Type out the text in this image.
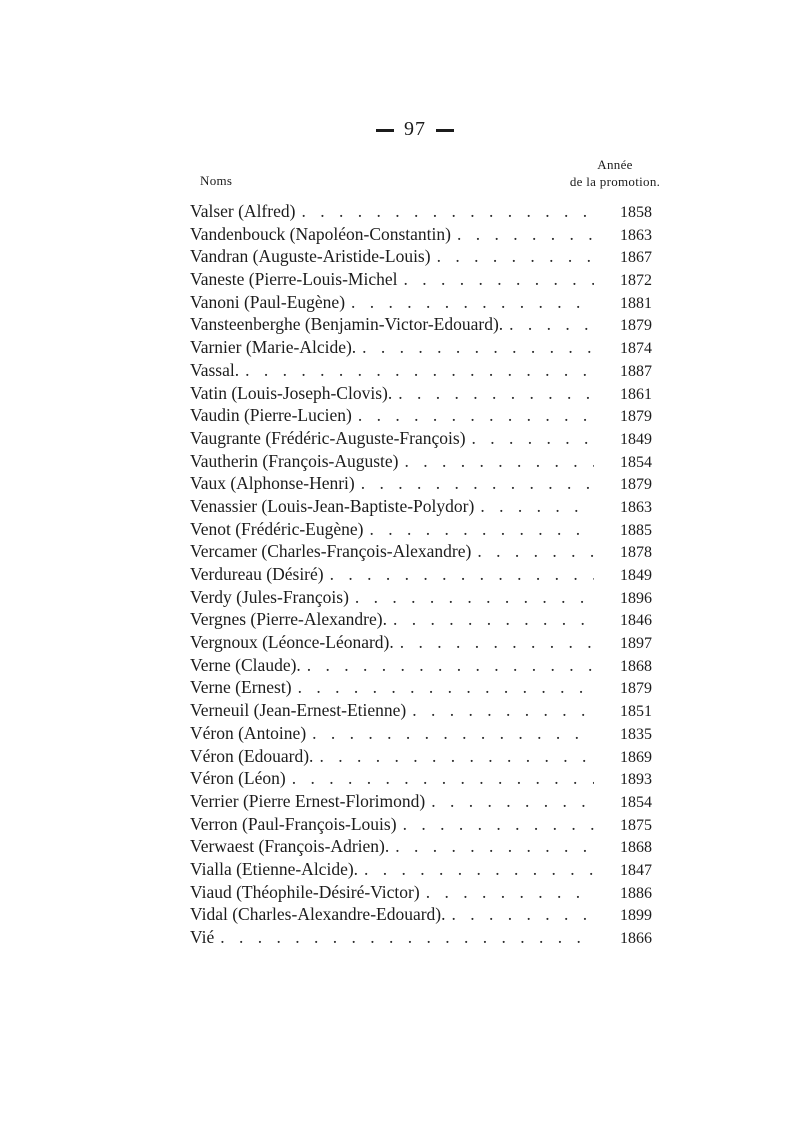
97
Noms
Année
de la promotion.
Valser (Alfred) . . .	1858
Vandenbouck (Napoléon-Constantin) . . .	1863
Vandran (Auguste-Aristide-Louis) . . .	1867
Vaneste (Pierre-Louis-Michel . . .	1872
Vanoni (Paul-Eugène) . . .	1881
Vansteenberghe (Benjamin-Victor-Edouard). . . .	1879
Varnier (Marie-Alcide). . . .	1874
Vassal. . . .	1887
Vatin (Louis-Joseph-Clovis). . . .	1861
Vaudin (Pierre-Lucien) . . .	1879
Vaugrante (Frédéric-Auguste-François) . . .	1849
Vautherin (François-Auguste) . . .	1854
Vaux (Alphonse-Henri) . . .	1879
Venassier (Louis-Jean-Baptiste-Polydor) . . .	1863
Venot (Frédéric-Eugène) . . .	1885
Vercamer (Charles-François-Alexandre) . . .	1878
Verdureau (Désiré) . . .	1849
Verdy (Jules-François) . . .	1896
Vergnes (Pierre-Alexandre). . . .	1846
Vergnoux (Léonce-Léonard). . . .	1897
Verne (Claude). . . .	1868
Verne (Ernest) . . .	1879
Verneuil (Jean-Ernest-Etienne) . . .	1851
Véron (Antoine) . . .	1835
Véron (Edouard). . . .	1869
Véron (Léon) . . .	1893
Verrier (Pierre Ernest-Florimond) . . .	1854
Verron (Paul-François-Louis) . . .	1875
Verwaest (François-Adrien). . . .	1868
Vialla (Etienne-Alcide). . . .	1847
Viaud (Théophile-Désiré-Victor) . . .	1886
Vidal (Charles-Alexandre-Edouard). . . .	1899
Vié . . .	1866
